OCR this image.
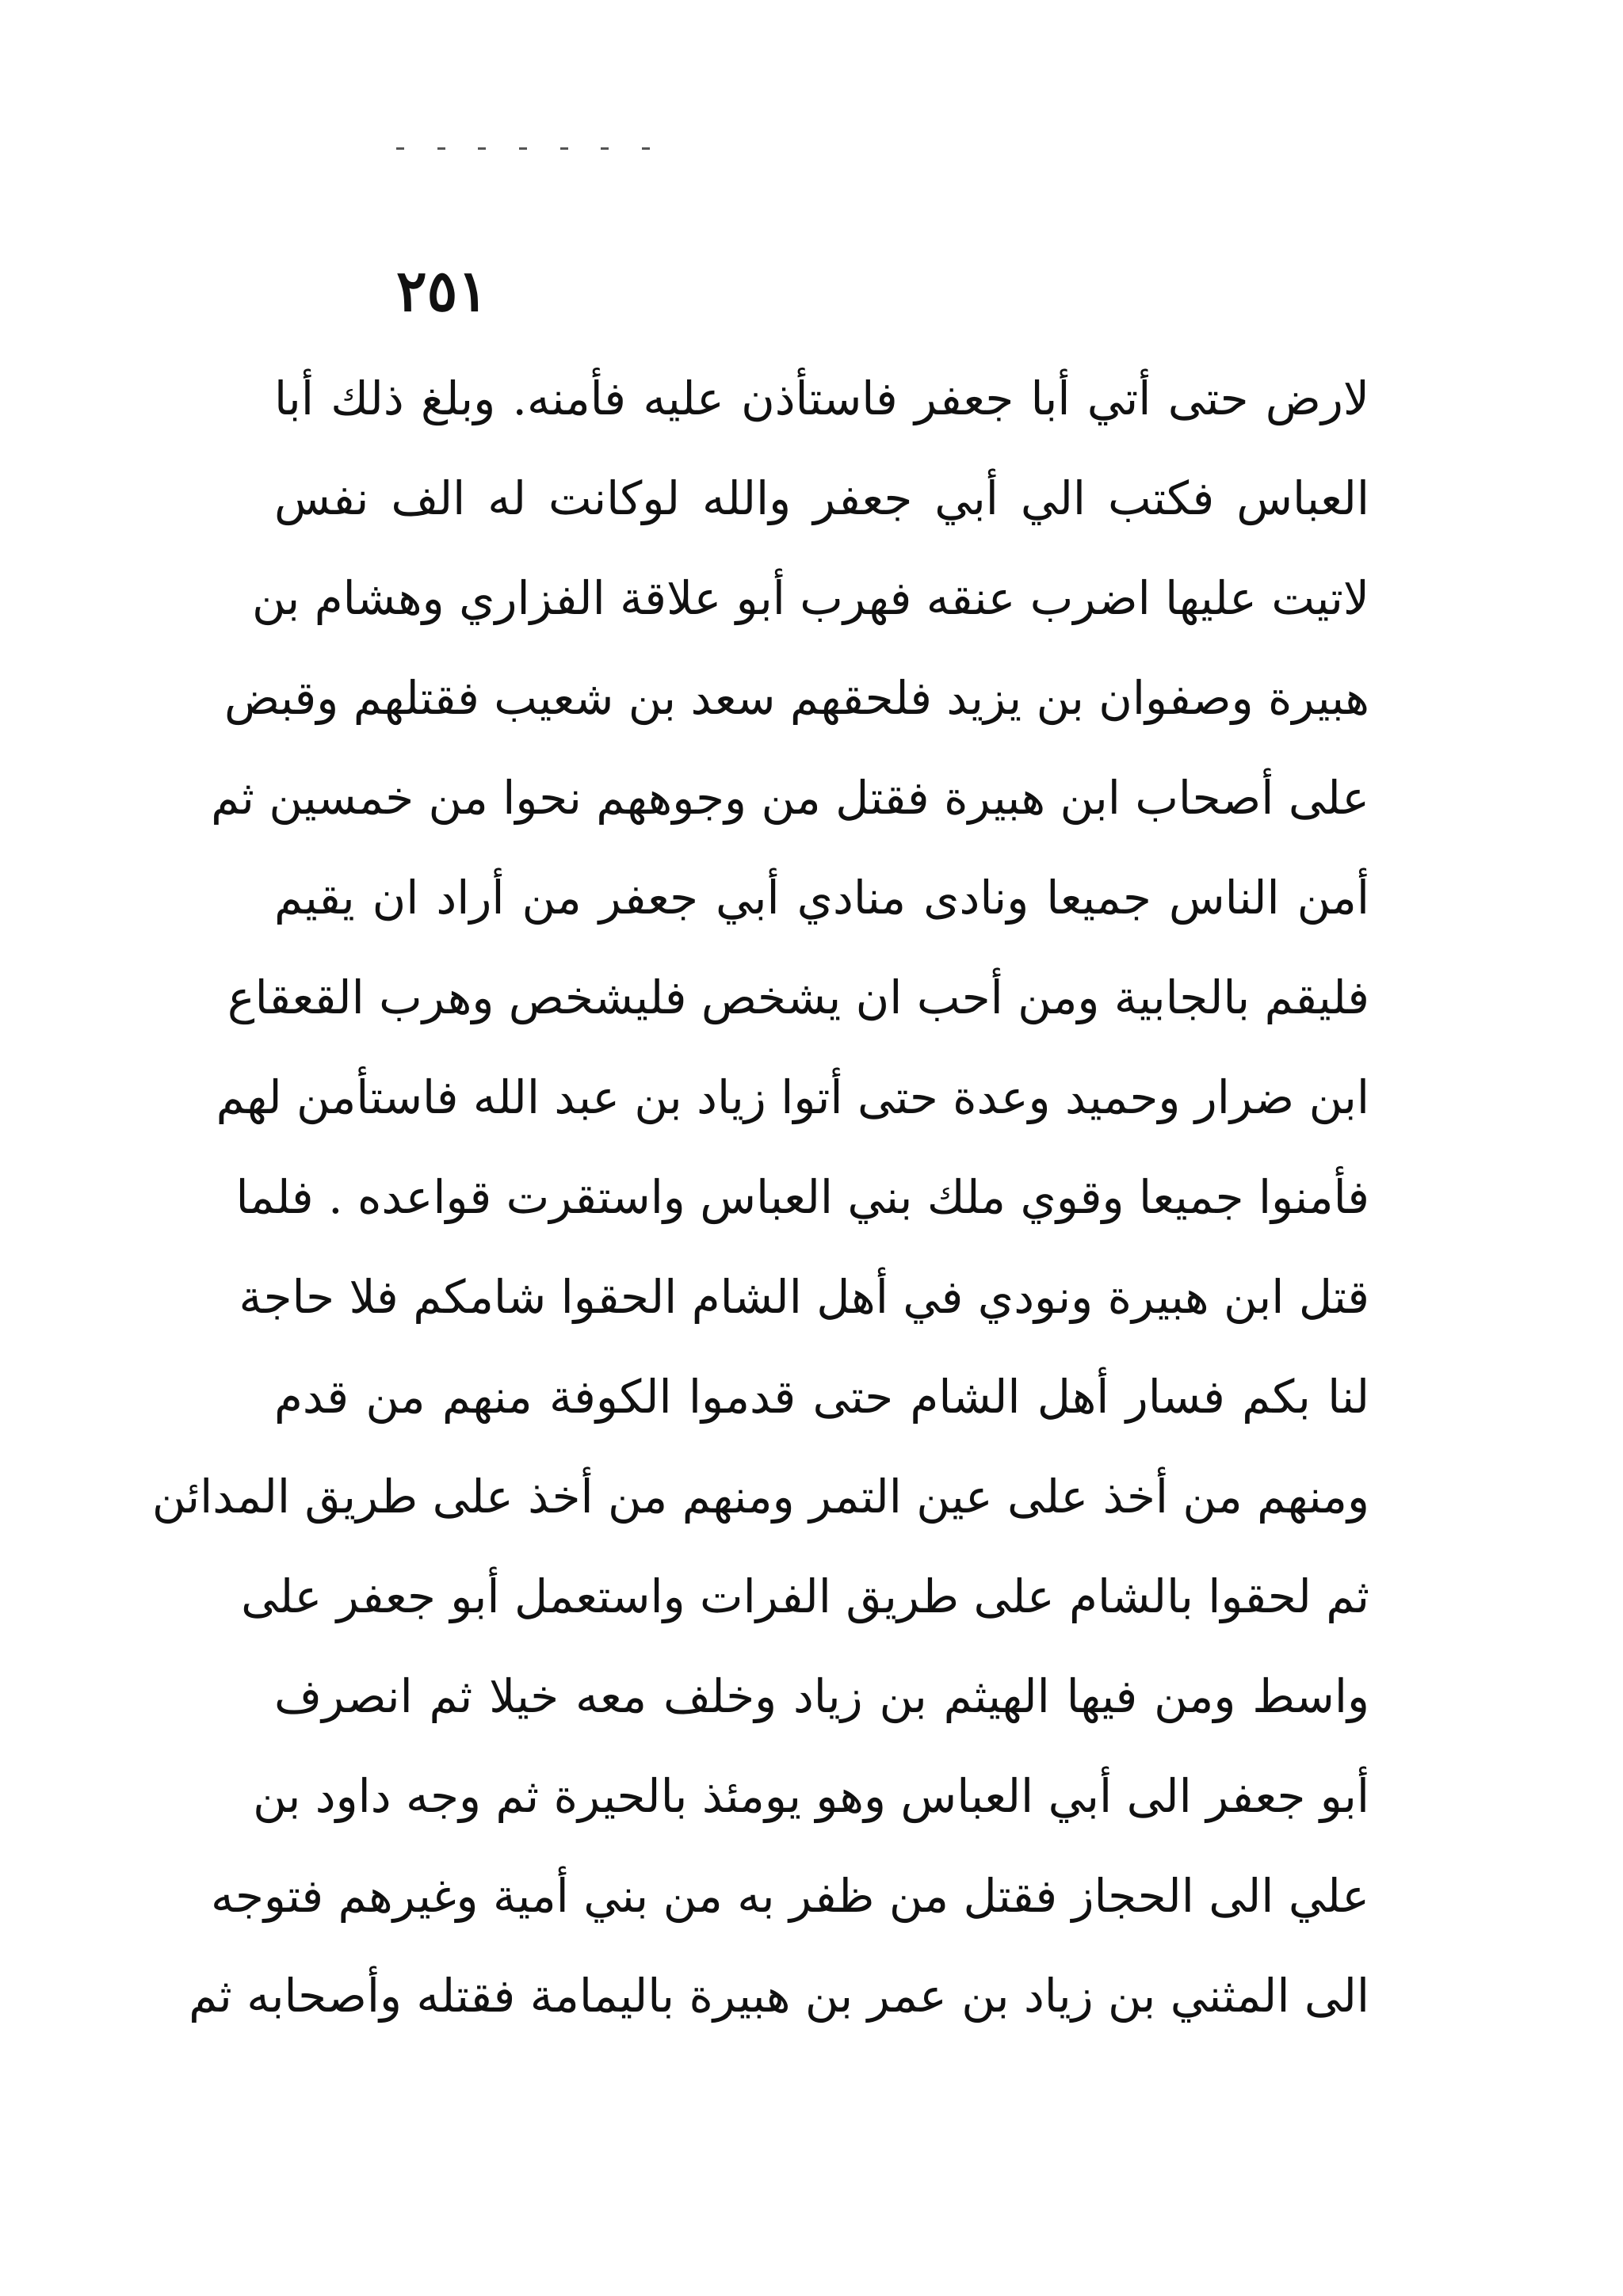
٢٥١
لارض حتى أتي أبا جعفر فاستأذن عليه فأمنه. وبلغ ذلك أبا
العباس فكتب الي أبي جعفر والله لوكانت له الف نفس
لاتيت عليها اضرب عنقه فهرب أبو علاقة الفزاري وهشام بن
هبيرة وصفوان بن يزيد فلحقهم سعد بن شعيب فقتلهم وقبض
على أصحاب ابن هبيرة فقتل من وجوههم نحوا من خمسين ثم
أمن الناس جميعا ونادى منادي أبي جعفر من أراد ان يقيم
فليقم بالجابية ومن أحب ان يشخص فليشخص وهرب القعقاع
ابن ضرار وحميد وعدة حتى أتوا زياد بن عبد الله فاستأمن لهم
فأمنوا جميعا وقوي ملك بني العباس واستقرت قواعده . فلما
قتل ابن هبيرة ونودي في أهل الشام الحقوا شامكم فلا حاجة
لنا بكم فسار أهل الشام حتى قدموا الكوفة منهم من قدم
ومنهم من أخذ على عين التمر ومنهم من أخذ على طريق المدائن
ثم لحقوا بالشام على طريق الفرات واستعمل أبو جعفر على
واسط ومن فيها الهيثم بن زياد وخلف معه خيلا ثم انصرف
أبو جعفر الى أبي العباس وهو يومئذ بالحيرة ثم وجه داود بن
علي الى الحجاز فقتل من ظفر به من بني أمية وغيرهم فتوجه
الى المثني بن زياد بن عمر بن هبيرة باليمامة فقتله وأصحابه ثم
